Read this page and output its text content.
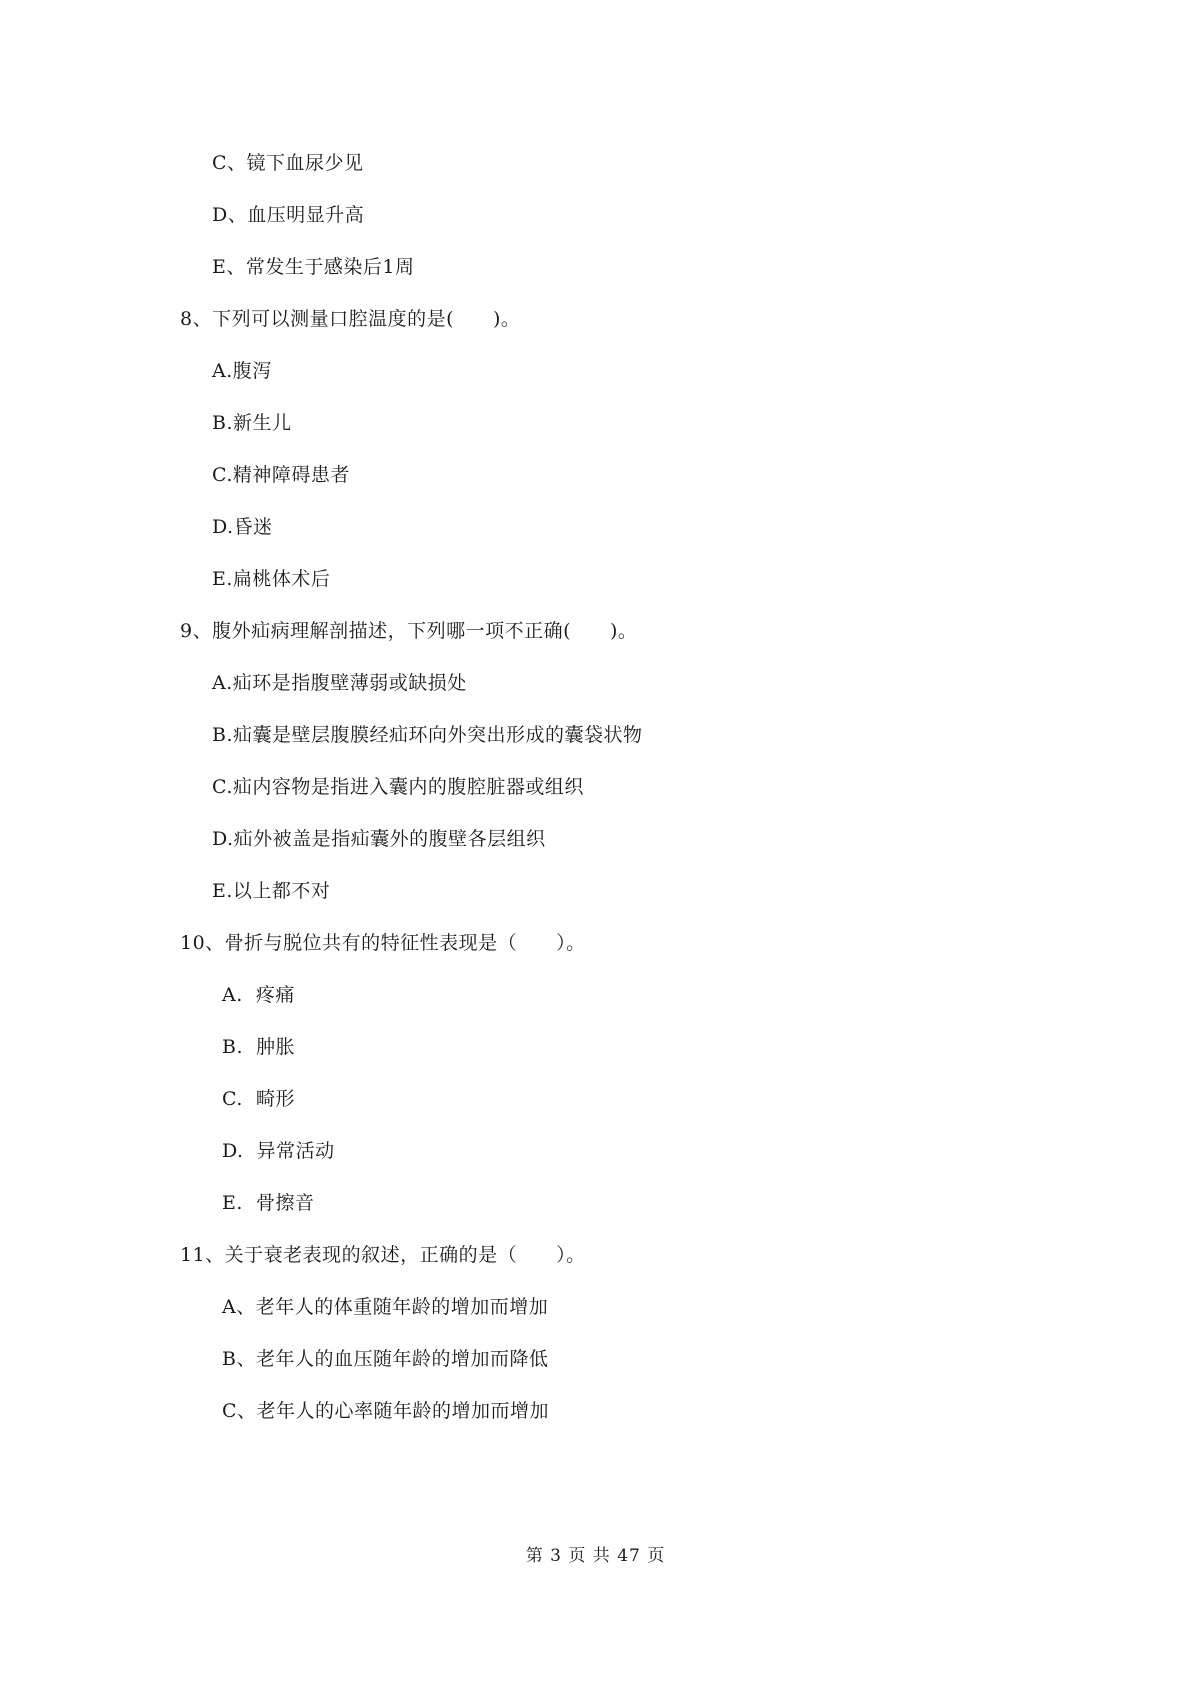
C、镜下血尿少见
D、血压明显升高
E、常发生于感染后1周
8、下列可以测量口腔温度的是(　　)。
A.腹泻
B.新生儿
C.精神障碍患者
D.昏迷
E.扁桃体术后
9、腹外疝病理解剖描述，下列哪一项不正确(　　)。
A.疝环是指腹壁薄弱或缺损处
B.疝囊是壁层腹膜经疝环向外突出形成的囊袋状物
C.疝内容物是指进入囊内的腹腔脏器或组织
D.疝外被盖是指疝囊外的腹壁各层组织
E.以上都不对
10、骨折与脱位共有的特征性表现是（　　）。
A.  疼痛
B.  肿胀
C.  畸形
D.  异常活动
E.  骨擦音
11、关于衰老表现的叙述，正确的是（　　）。
A、老年人的体重随年龄的增加而增加
B、老年人的血压随年龄的增加而降低
C、老年人的心率随年龄的增加而增加
第 3 页 共 47 页
